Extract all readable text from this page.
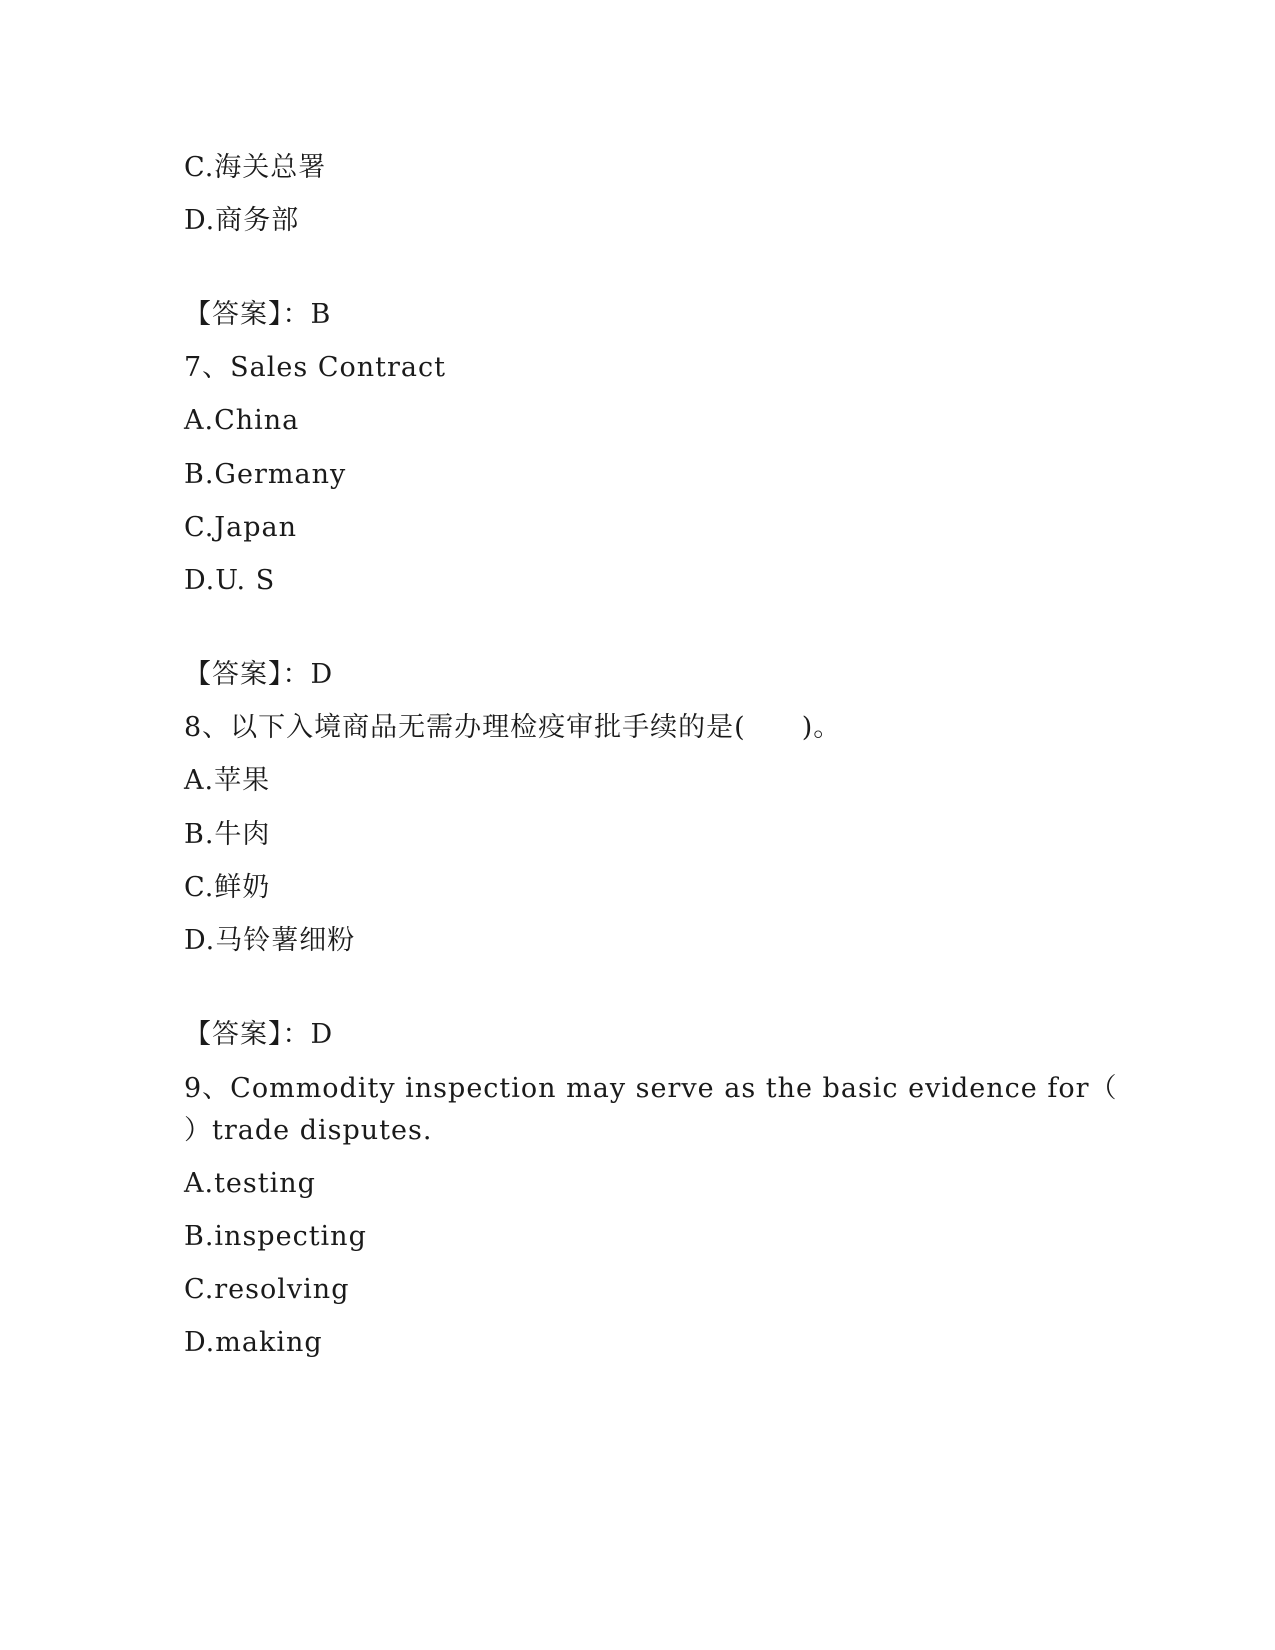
C.海关总署
D.商务部
【答案】：B
7、Sales Contract
A.China
B.Germany
C.Japan
D.U. S
【答案】：D
8、以下入境商品无需办理检疫审批手续的是(　　)。
A.苹果
B.牛肉
C.鲜奶
D.马铃薯细粉
【答案】：D
9、Commodity inspection may serve as the basic evidence for（
）trade disputes.
A.testing
B.inspecting
C.resolving
D.making
